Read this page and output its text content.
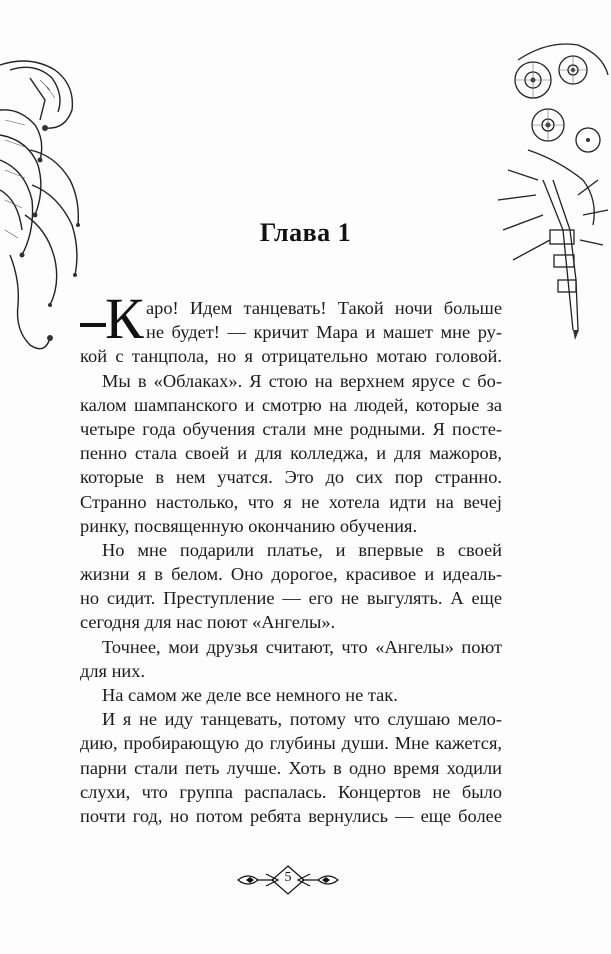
Глава 1
К аро! Идем танцевать! Такой ночи больше
не будет! — кричит Мара и машет мне ру-
кой с танцпола, но я отрицательно мотаю головой.
Мы в «Облаках». Я стою на верхнем ярусе с бо-
калом шампанского и смотрю на людей, которые за
четыре года обучения стали мне родными. Я посте-
пенно стала своей и для колледжа, и для мажоров,
которые в нем учатся. Это до сих пор странно.
Странно настолько, что я не хотела идти на вечеј
ринку, посвященную окончанию обучения.
Но мне подарили платье, и впервые в своей
жизни я в белом. Оно дорогое, красивое и идеаль-
но сидит. Преступление — его не выгулять. А еще
сегодня для нас поют «Ангелы».
Точнее, мои друзья считают, что «Ангелы» поют
для них.
На самом же деле все немного не так.
И я не иду танцевать, потому что слушаю мело-
дию, пробирающую до глубины души. Мне кажется,
парни стали петь лучше. Хоть в одно время ходили
слухи, что группа распалась. Концертов не было
почти год, но потом ребята вернулись — еще более
5
